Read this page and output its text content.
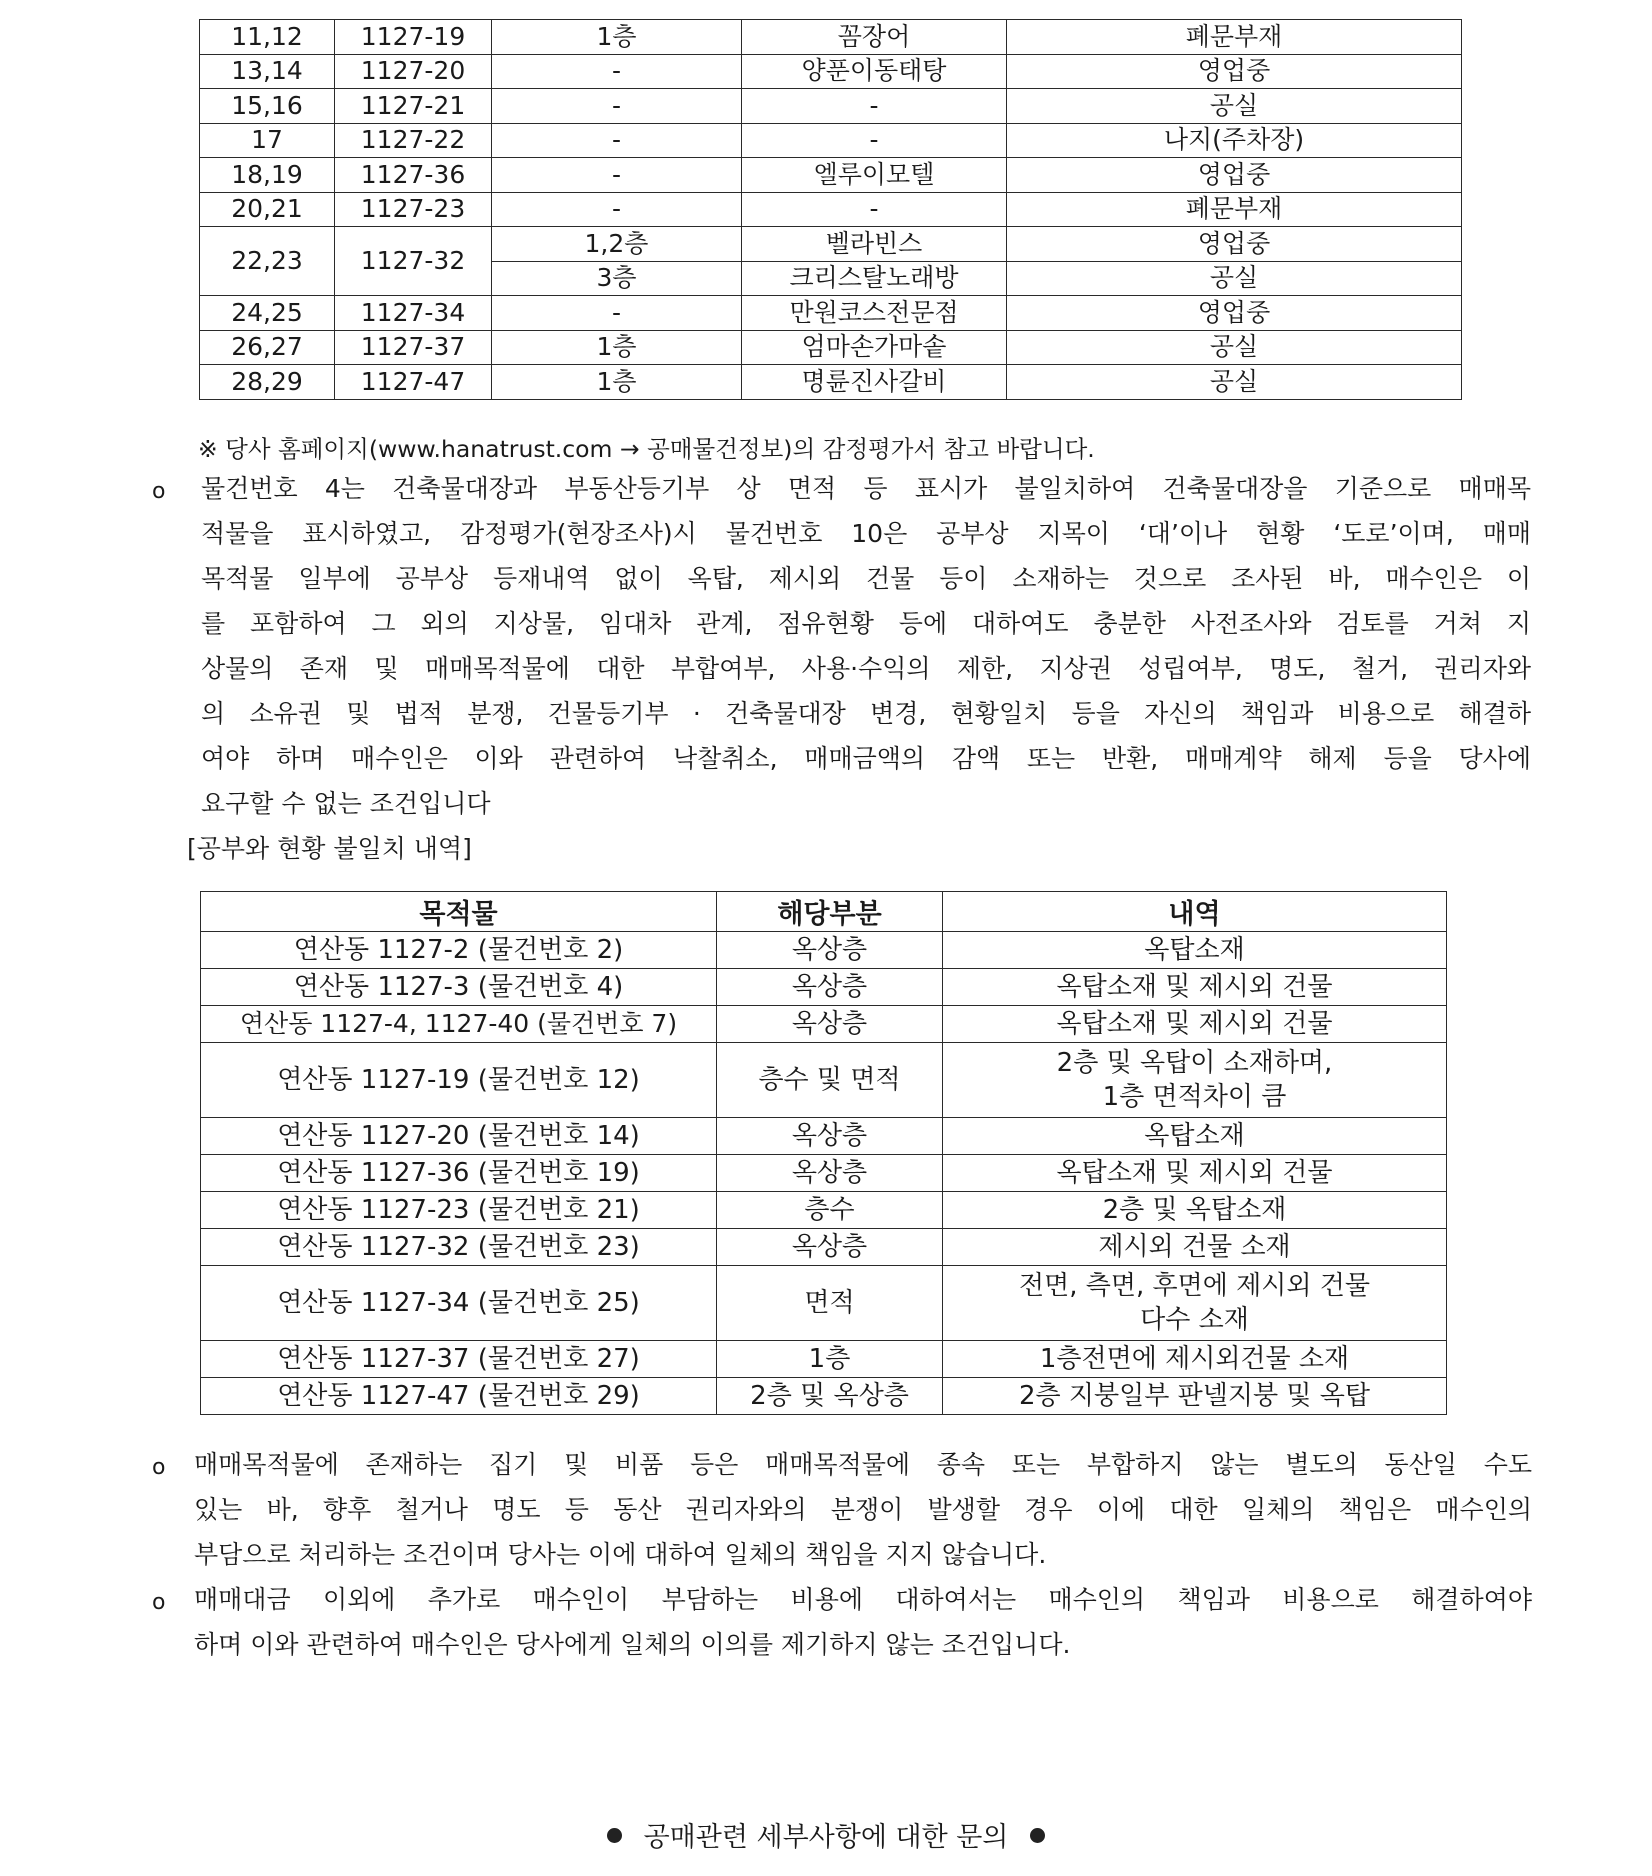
11,12	1127-19	1층	꼼장어	폐문부재
13,14	1127-20	-	양푼이동태탕	영업중
15,16	1127-21	-	-	공실
17	1127-22	-	-	나지(주차장)
18,19	1127-36	-	엘루이모텔	영업중
20,21	1127-23	-	-	폐문부재
22,23	1127-32	1,2층	벨라빈스	영업중
		3층	크리스탈노래방	공실
24,25	1127-34	-	만원코스전문점	영업중
26,27	1127-37	1층	엄마손가마솥	공실
28,29	1127-47	1층	명륜진사갈비	공실
※ 당사 홈페이지(www.hanatrust.com → 공매물건정보)의 감정평가서 참고 바랍니다.
o 물건번호 4는 건축물대장과 부동산등기부 상 면적 등 표시가 불일치하여 건축물대장을 기준으로 매매목
적물을 표시하였고, 감정평가(현장조사)시 물건번호 10은 공부상 지목이 ‘대’이나 현황 ‘도로’이며, 매매
목적물 일부에 공부상 등재내역 없이 옥탑, 제시외 건물 등이 소재하는 것으로 조사된 바, 매수인은 이
를 포함하여 그 외의 지상물, 임대차 관계, 점유현황 등에 대하여도 충분한 사전조사와 검토를 거쳐 지
상물의 존재 및 매매목적물에 대한 부합여부, 사용·수익의 제한, 지상권 성립여부, 명도, 철거, 권리자와
의 소유권 및 법적 분쟁, 건물등기부 · 건축물대장 변경, 현황일치 등을 자신의 책임과 비용으로 해결하
여야 하며 매수인은 이와 관련하여 낙찰취소, 매매금액의 감액 또는 반환, 매매계약 해제 등을 당사에
요구할 수 없는 조건입니다
[공부와 현황 불일치 내역]
목적물	해당부분	내역
연산동 1127-2 (물건번호 2)	옥상층	옥탑소재
연산동 1127-3 (물건번호 4)	옥상층	옥탑소재 및 제시외 건물
연산동 1127-4, 1127-40 (물건번호 7)	옥상층	옥탑소재 및 제시외 건물
연산동 1127-19 (물건번호 12)	층수 및 면적	2층 및 옥탑이 소재하며,
1층 면적차이 큼
연산동 1127-20 (물건번호 14)	옥상층	옥탑소재
연산동 1127-36 (물건번호 19)	옥상층	옥탑소재 및 제시외 건물
연산동 1127-23 (물건번호 21)	층수	2층 및 옥탑소재
연산동 1127-32 (물건번호 23)	옥상층	제시외 건물 소재
연산동 1127-34 (물건번호 25)	면적	전면, 측면, 후면에 제시외 건물
다수 소재
연산동 1127-37 (물건번호 27)	1층	1층전면에 제시외건물 소재
연산동 1127-47 (물건번호 29)	2층 및 옥상층	2층 지붕일부 판넬지붕 및 옥탑
o 매매목적물에 존재하는 집기 및 비품 등은 매매목적물에 종속 또는 부합하지 않는 별도의 동산일 수도
있는 바, 향후 철거나 명도 등 동산 권리자와의 분쟁이 발생할 경우 이에 대한 일체의 책임은 매수인의
부담으로 처리하는 조건이며 당사는 이에 대하여 일체의 책임을 지지 않습니다.
o 매매대금 이외에 추가로 매수인이 부담하는 비용에 대하여서는 매수인의 책임과 비용으로 해결하여야
하며 이와 관련하여 매수인은 당사에게 일체의 이의를 제기하지 않는 조건입니다.
공매관련 세부사항에 대한 문의
